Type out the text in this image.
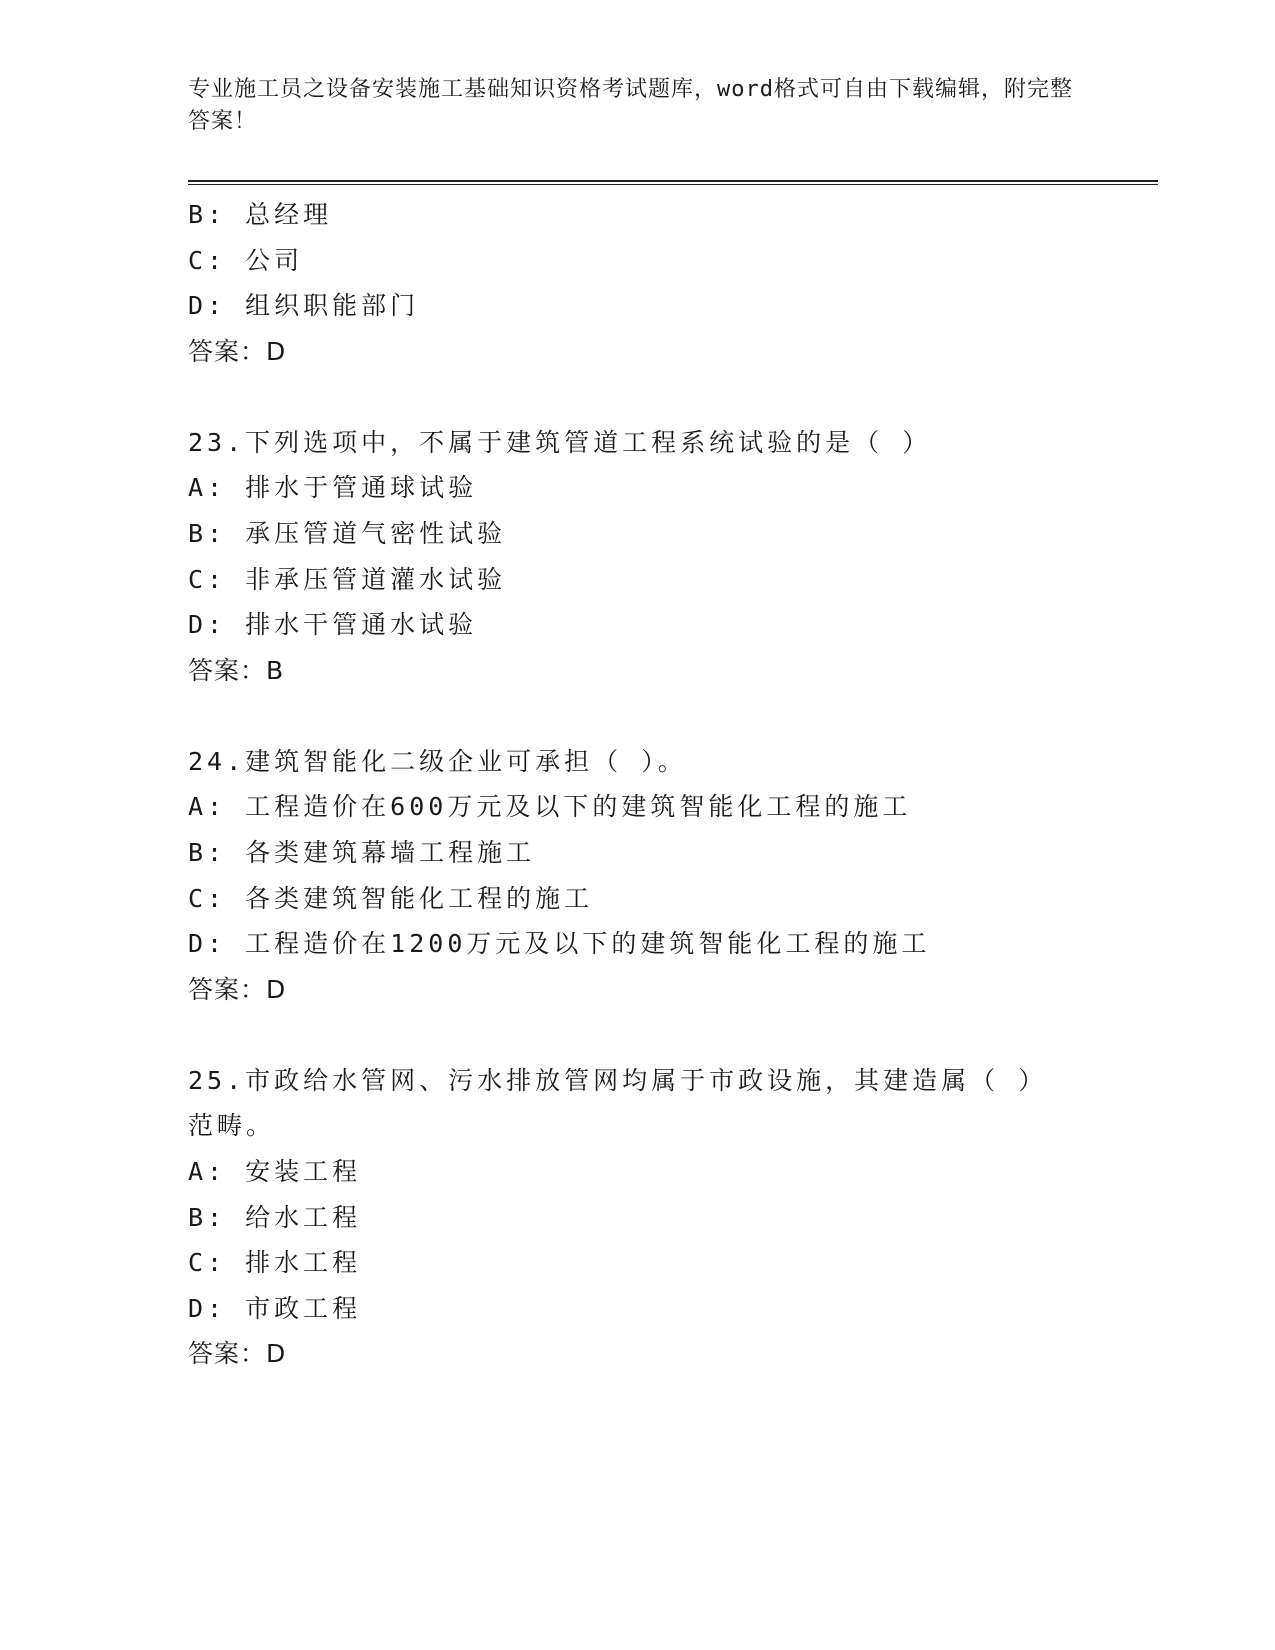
专业施工员之设备安装施工基础知识资格考试题库，word格式可自由下载编辑，附完整答案！
B: 总经理
C: 公司
D: 组织职能部门
答案：D
23.下列选项中，不属于建筑管道工程系统试验的是（ ）
A: 排水于管通球试验
B: 承压管道气密性试验
C: 非承压管道灌水试验
D: 排水干管通水试验
答案：B
24.建筑智能化二级企业可承担（ ）。
A: 工程造价在600万元及以下的建筑智能化工程的施工
B: 各类建筑幕墙工程施工
C: 各类建筑智能化工程的施工
D: 工程造价在1200万元及以下的建筑智能化工程的施工
答案：D
25.市政给水管网、污水排放管网均属于市政设施，其建造属（ ）范畴。
A: 安装工程
B: 给水工程
C: 排水工程
D: 市政工程
答案：D
